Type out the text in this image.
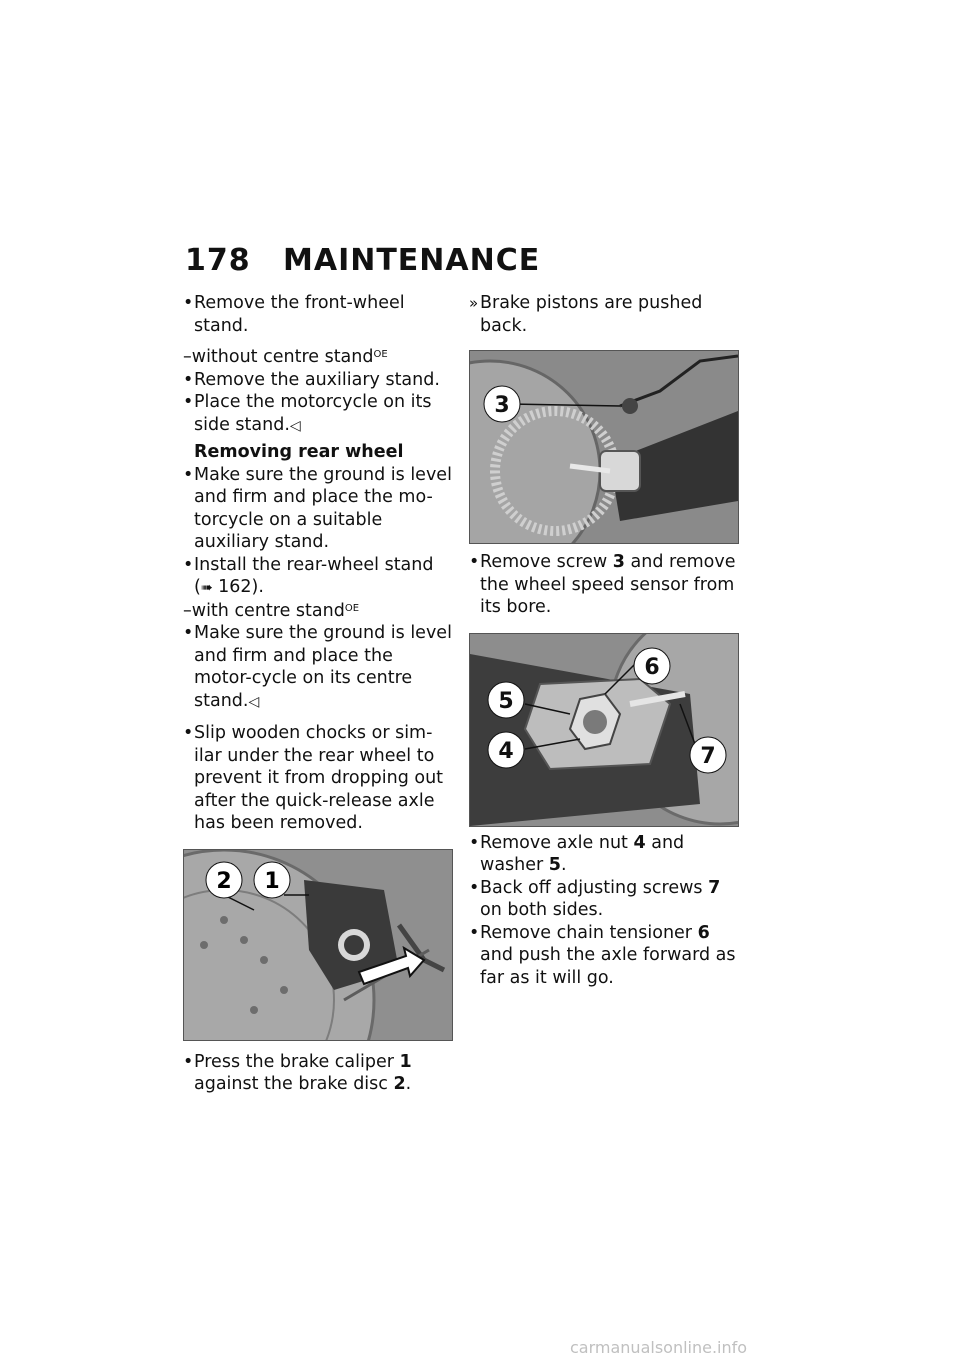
178 MAINTENANCE
• Remove the front-wheel stand.
–without centre stand$^{OE}$
• Remove the auxiliary stand.
• Place the motorcycle on its side stand.◁
Removing rear wheel
• Make sure the ground is level and firm and place the mo-torcycle on a suitable auxiliary stand.
• Install the rear-wheel stand
(➠ 162).
–with centre stand$^{OE}$
• Make sure the ground is level and firm and place the motor-cycle on its centre stand.◁
• Slip wooden chocks or sim-ilar under the rear wheel to prevent it from dropping out after the quick-release axle has been removed.
2 1
• Press the brake caliper 1 against the brake disc 2.
» Brake pistons are pushed back.
3
• Remove screw 3 and remove the wheel speed sensor from its bore.
6
5
4	7
• Remove axle nut 4 and washer 5.
• Back off adjusting screws 7 on both sides.
• Remove chain tensioner 6 and push the axle forward as far as it will go.
carmanualsonline.info
